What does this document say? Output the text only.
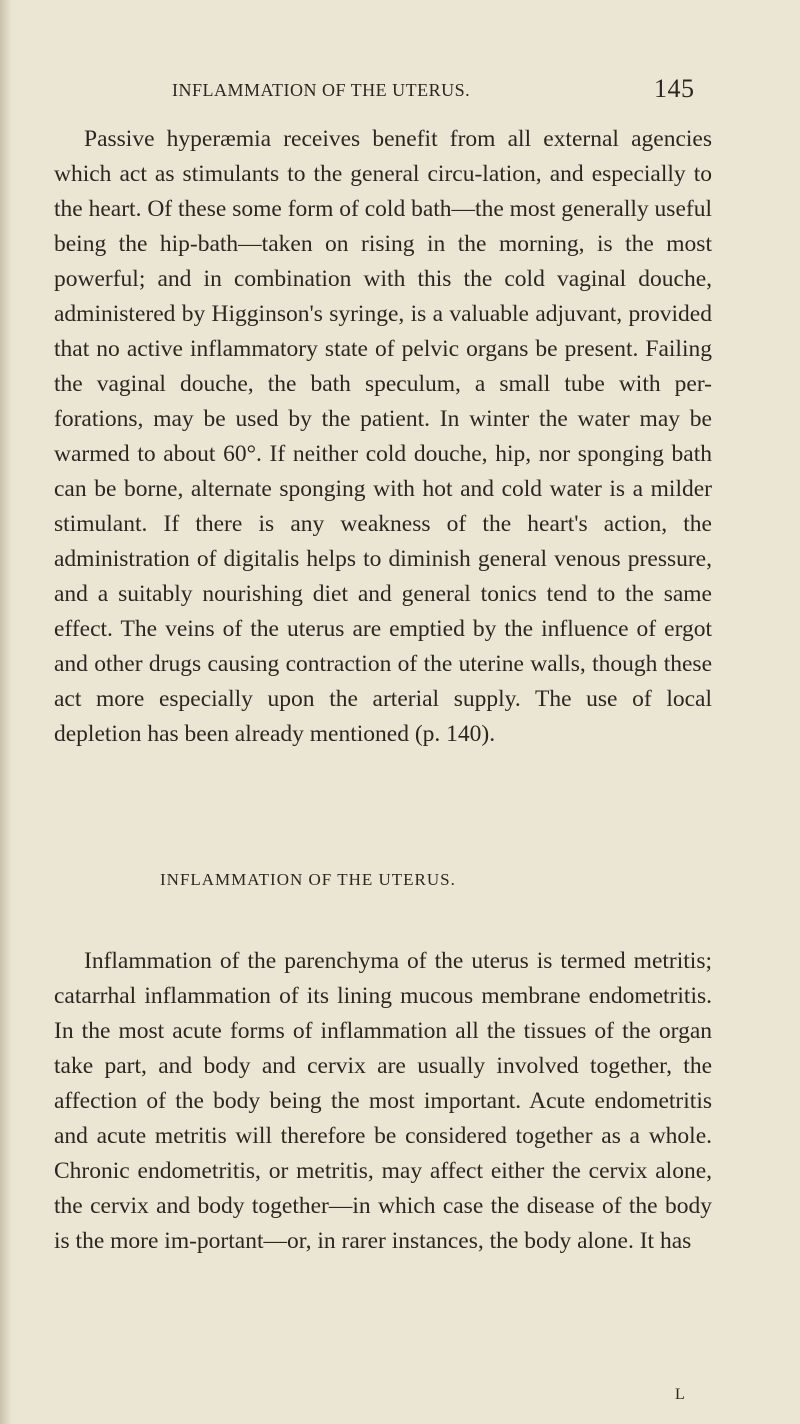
INFLAMMATION OF THE UTERUS.	145

Passive hyperæmia receives benefit from all external agencies which act as stimulants to the general circu-lation, and especially to the heart. Of these some form of cold bath—the most generally useful being the hip-bath—taken on rising in the morning, is the most powerful; and in combination with this the cold vaginal douche, administered by Higginson's syringe, is a valuable adjuvant, provided that no active inflammatory state of pelvic organs be present. Failing the vaginal douche, the bath speculum, a small tube with per-forations, may be used by the patient. In winter the water may be warmed to about 60°. If neither cold douche, hip, nor sponging bath can be borne, alternate sponging with hot and cold water is a milder stimulant. If there is any weakness of the heart's action, the administration of digitalis helps to diminish general venous pressure, and a suitably nourishing diet and general tonics tend to the same effect. The veins of the uterus are emptied by the influence of ergot and other drugs causing contraction of the uterine walls, though these act more especially upon the arterial supply. The use of local depletion has been already mentioned (p. 140).

INFLAMMATION OF THE UTERUS.

Inflammation of the parenchyma of the uterus is termed metritis; catarrhal inflammation of its lining mucous membrane endometritis. In the most acute forms of inflammation all the tissues of the organ take part, and body and cervix are usually involved together, the affection of the body being the most important. Acute endometritis and acute metritis will therefore be considered together as a whole. Chronic endometritis, or metritis, may affect either the cervix alone, the cervix and body together—in which case the disease of the body is the more im-portant—or, in rarer instances, the body alone. It has

L
